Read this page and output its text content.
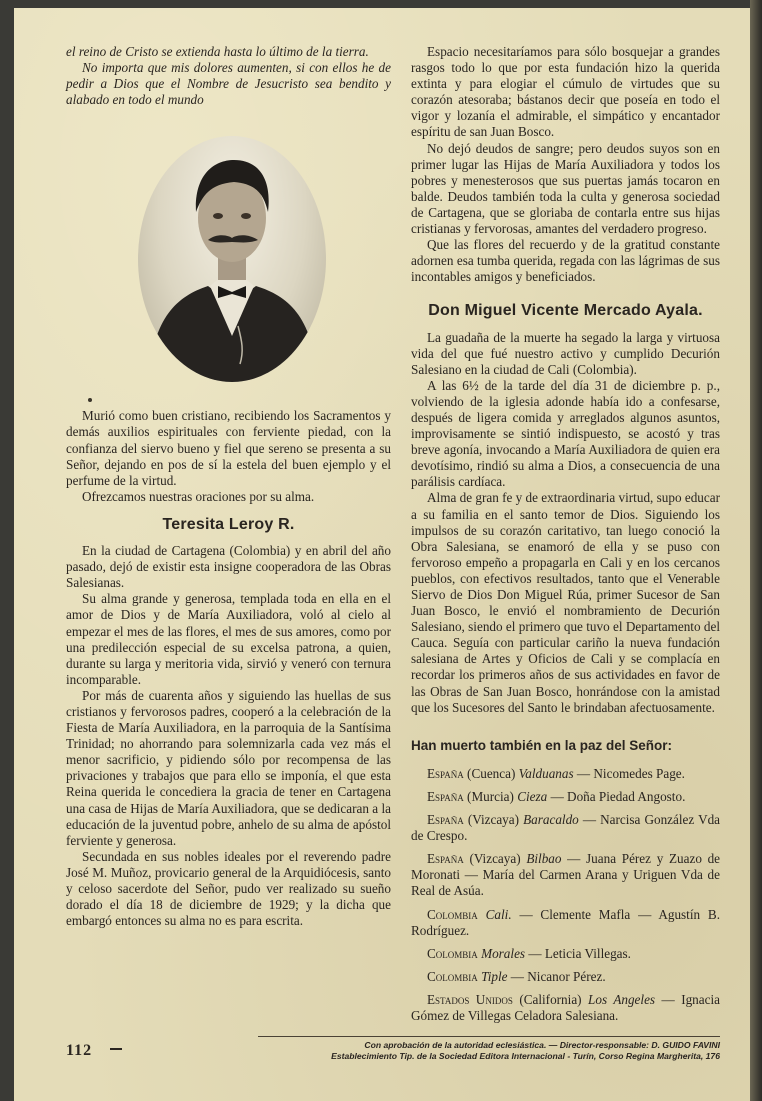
el reino de Cristo se extienda hasta lo último de la tierra.

No importa que mis dolores aumenten, si con ellos he de pedir a Dios que el Nombre de Jesucristo sea bendito y alabado en todo el mundo

Murió como buen cristiano, recibiendo los Sacramentos y demás auxilios espirituales con ferviente piedad, con la confianza del siervo bueno y fiel que sereno se presenta a su Señor, dejando en pos de sí la estela del buen ejemplo y el perfume de la virtud.

Ofrezcamos nuestras oraciones por su alma.

Teresita Leroy R.

En la ciudad de Cartagena (Colombia) y en abril del año pasado, dejó de existir esta insigne cooperadora de las Obras Salesianas.

Su alma grande y generosa, templada toda en ella en el amor de Dios y de María Auxiliadora, voló al cielo al empezar el mes de las flores, el mes de sus amores, como por una predilección especial de su excelsa patrona, a quien, durante su larga y meritoria vida, sirvió y veneró con ternura incomparable.

Por más de cuarenta años y siguiendo las huellas de sus cristianos y fervorosos padres, cooperó a la celebración de la Fiesta de María Auxiliadora, en la parroquia de la Santísima Trinidad; no ahorrando para solemnizarla cada vez más el menor sacrificio, y pidiendo sólo por recompensa de las privaciones y trabajos que para ello se imponía, el que esta Reina querida le concediera la gracia de tener en Cartagena una casa de Hijas de María Auxiliadora, que se dedicaran a la educación de la juventud pobre, anhelo de su alma de apóstol ferviente y generosa.

Secundada en sus nobles ideales por el reverendo padre José M. Muñoz, provicario general de la Arquidiócesis, santo y celoso sacerdote del Señor, pudo ver realizado su sueño dorado el día 18 de diciembre de 1929; y la dicha que embargó entonces su alma no es para escrita.

Espacio necesitaríamos para sólo bosquejar a grandes rasgos todo lo que por esta fundación hizo la querida extinta y para elogiar el cúmulo de virtudes que su corazón atesoraba; bástanos decir que poseía en todo el vigor y lozanía el admirable, el simpático y encantador espíritu de san Juan Bosco.

No dejó deudos de sangre; pero deudos suyos son en primer lugar las Hijas de María Auxiliadora y todos los pobres y menesterosos que sus puertas jamás tocaron en balde. Deudos también toda la culta y generosa sociedad de Cartagena, que se gloriaba de contarla entre sus hijas cristianas y fervorosas, amantes del verdadero progreso.

Que las flores del recuerdo y de la gratitud constante adornen esa tumba querida, regada con las lágrimas de sus incontables amigos y beneficiados.

Don Miguel Vicente Mercado Ayala.

La guadaña de la muerte ha segado la larga y virtuosa vida del que fué nuestro activo y cumplido Decurión Salesiano en la ciudad de Cali (Colombia).

A las 6½ de la tarde del día 31 de diciembre p. p., volviendo de la iglesia adonde había ido a confesarse, después de ligera comida y arreglados algunos asuntos, improvisamente se sintió indispuesto, se acostó y tras breve agonía, invocando a María Auxiliadora de quien era devotísimo, rindió su alma a Dios, a consecuencia de una parálisis cardíaca.

Alma de gran fe y de extraordinaria virtud, supo educar a su familia en el santo temor de Dios. Siguiendo los impulsos de su corazón caritativo, tan luego conoció la Obra Salesiana, se enamoró de ella y se puso con fervoroso empeño a propagarla en Cali y en los cercanos pueblos, con efectivos resultados, tanto que el Venerable Siervo de Dios Don Miguel Rúa, primer Sucesor de San Juan Bosco, le envió el nombramiento de Decurión Salesiano, siendo el primero que tuvo el Departamento del Cauca. Seguía con particular cariño la nueva fundación salesiana de Artes y Oficios de Cali y se complacía en recordar los primeros años de sus actividades en favor de las Obras de San Juan Bosco, honrándose con la amistad que los Sucesores del Santo le brindaban afectuosamente.

Han muerto también en la paz del Señor:

España (Cuenca) Valduanas — Nicomedes Page.

España (Murcia) Cieza — Doña Piedad Angosto.

España (Vizcaya) Baracaldo — Narcisa González Vda de Crespo.

España (Vizcaya) Bilbao — Juana Pérez y Zuazo de Moronati — María del Carmen Arana y Uriguen Vda de Real de Asúa.

Colombia Cali. — Clemente Mafla — Agustín B. Rodríguez.

Colombia Morales — Leticia Villegas.

Colombia Tiple — Nicanor Pérez.

Estados Unidos (California) Los Angeles — Ignacia Gómez de Villegas Celadora Salesiana.

112	Con aprobación de la autoridad eclesiástica. — Director-responsable: D. GUIDO FAVINI
Establecimiento Tip. de la Sociedad Editora Internacional - Turín, Corso Regina Margherita, 176
